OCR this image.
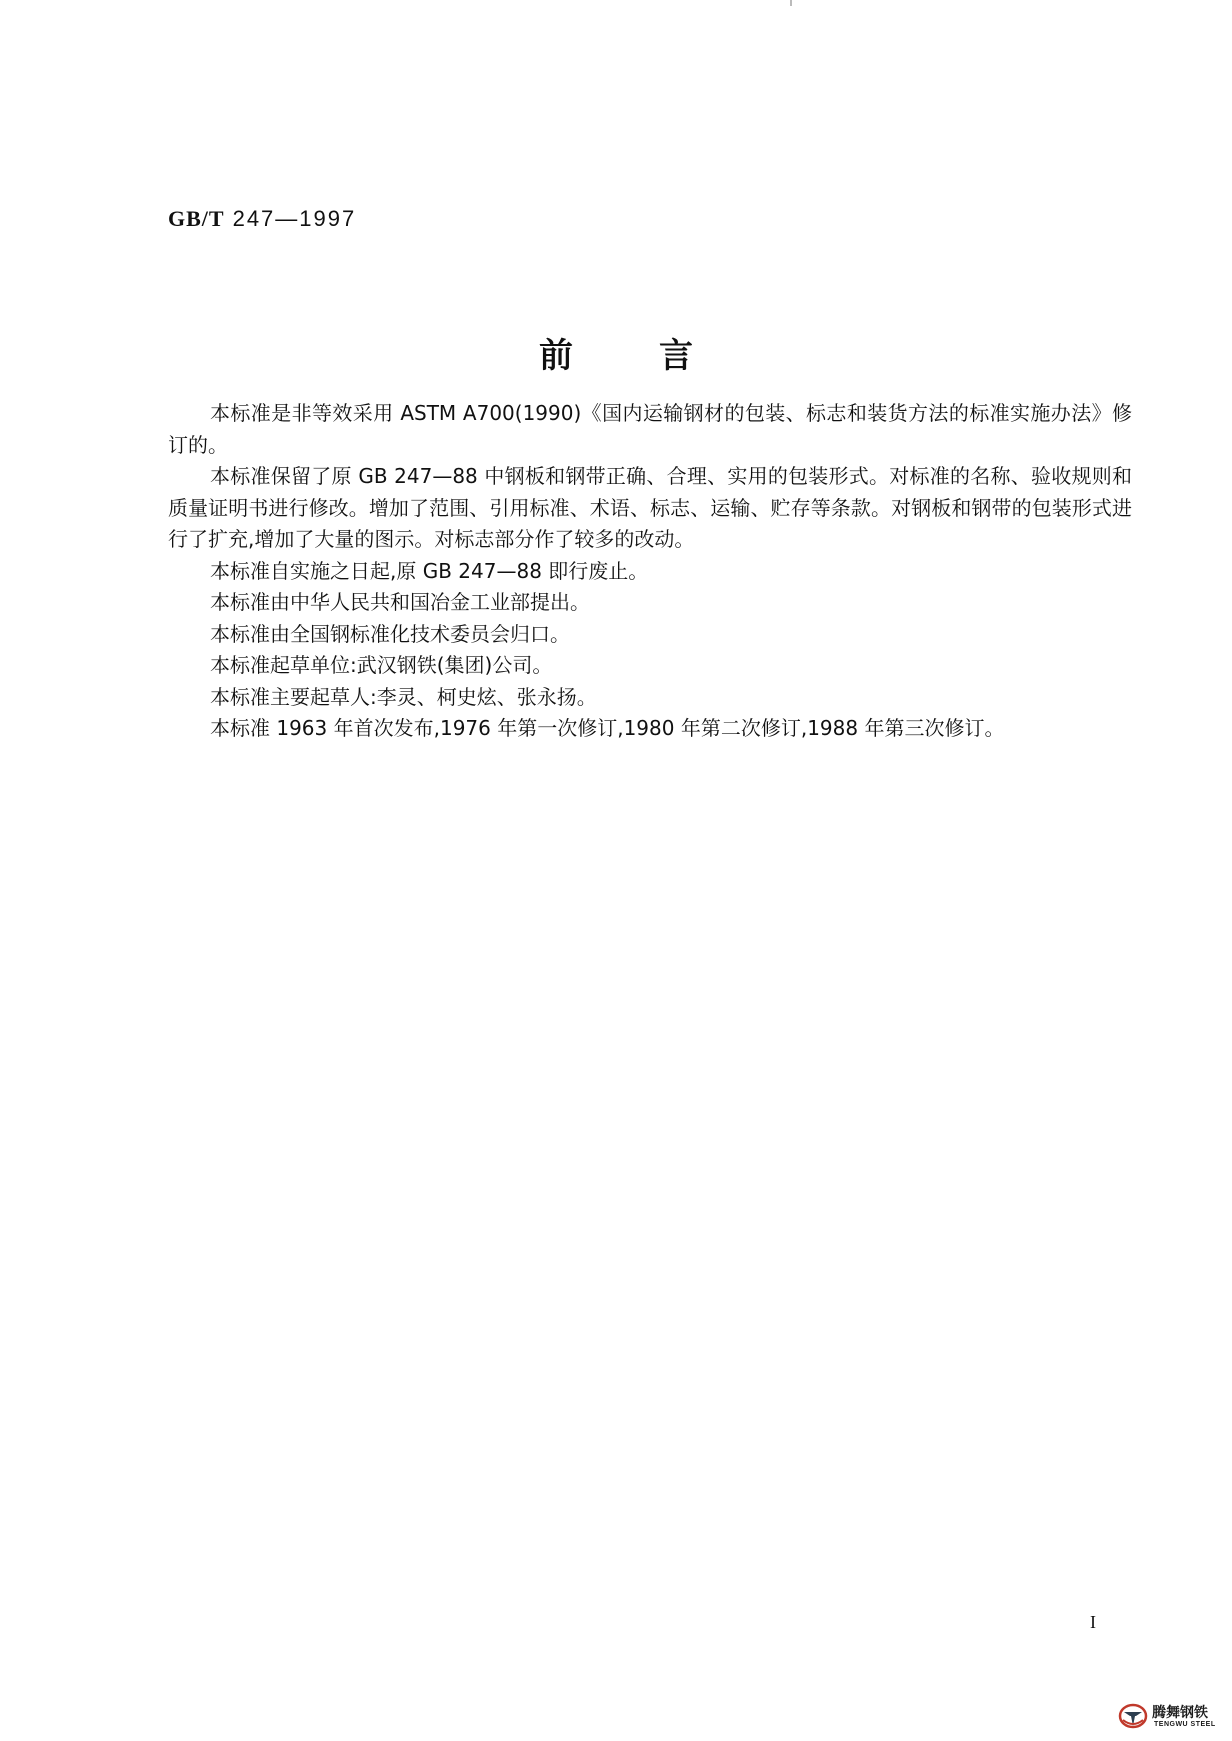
GB/T 247—1997
前言

本标准是非等效采用 ASTM A700(1990)《国内运输钢材的包装、标志和装货方法的标准实施办法》修订的。

本标准保留了原 GB 247—88 中钢板和钢带正确、合理、实用的包装形式。对标准的名称、验收规则和质量证明书进行修改。增加了范围、引用标准、术语、标志、运输、贮存等条款。对钢板和钢带的包装形式进行了扩充,增加了大量的图示。对标志部分作了较多的改动。

本标准自实施之日起,原 GB 247—88 即行废止。

本标准由中华人民共和国冶金工业部提出。

本标准由全国钢标准化技术委员会归口。

本标准起草单位:武汉钢铁(集团)公司。

本标准主要起草人:李灵、柯史炫、张永扬。

本标准 1963 年首次发布,1976 年第一次修订,1980 年第二次修订,1988 年第三次修订。

I
腾舞钢铁
TENGWU STEEL
